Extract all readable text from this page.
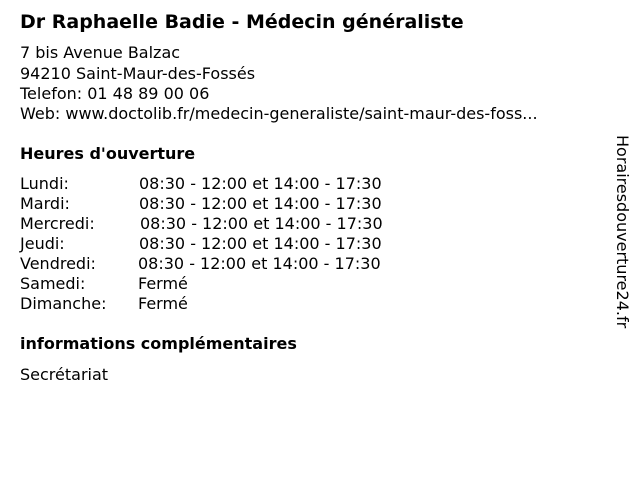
Dr Raphaelle Badie - Médecin généraliste
7 bis Avenue Balzac
94210 Saint-Maur-des-Fossés
Telefon: 01 48 89 00 06
Web: www.doctolib.fr/medecin-generaliste/saint-maur-des-foss...
Heures d'ouverture
Lundi:	08:30 - 12:00 et 14:00 - 17:30
Mardi:	08:30 - 12:00 et 14:00 - 17:30
Mercredi:	08:30 - 12:00 et 14:00 - 17:30
Jeudi:	08:30 - 12:00 et 14:00 - 17:30
Vendredi:	08:30 - 12:00 et 14:00 - 17:30
Samedi:	Fermé
Dimanche: Fermé
informations complémentaires
Secrétariat
Horairesdouverture24.fr
